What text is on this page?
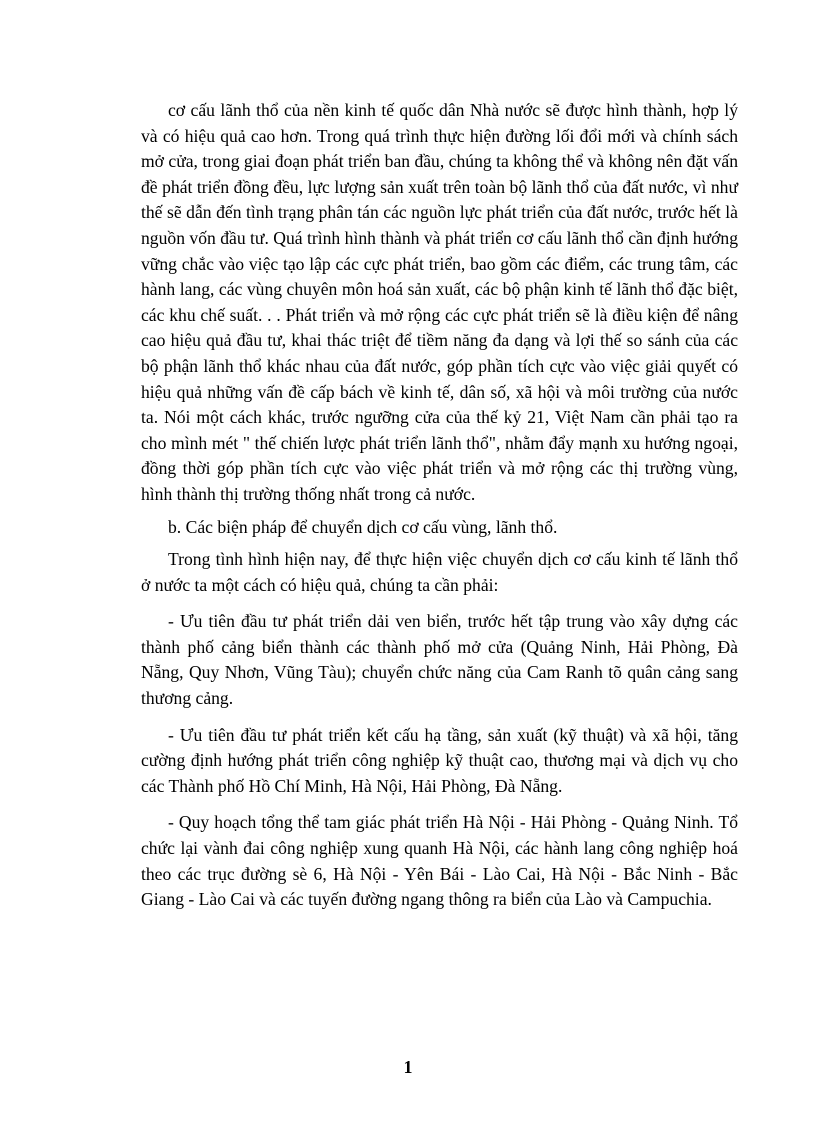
cơ cấu lãnh thổ của nền kinh tế quốc dân Nhà nước sẽ được hình thành, hợp lý và có hiệu quả cao hơn. Trong quá trình thực hiện đường lối đổi mới và chính sách mở cửa, trong giai đoạn phát triển ban đầu, chúng ta không thể và không nên đặt vấn đề phát triển đồng đều, lực lượng sản xuất trên toàn bộ lãnh thổ của đất nước, vì như thế sẽ dẫn đến tình trạng phân tán các nguồn lực phát triển của đất nước, trước hết là nguồn vốn đầu tư. Quá trình hình thành và phát triển cơ cấu lãnh thổ cần định hướng vững chắc vào việc tạo lập các cực phát triển, bao gồm các điểm, các trung tâm, các hành lang, các vùng chuyên môn hoá sản xuất, các bộ phận kinh tế lãnh thổ đặc biệt, các khu chế suất. . . Phát triển và mở rộng các cực phát triển sẽ là điều kiện để nâng cao hiệu quả đầu tư, khai thác triệt để tiềm năng đa dạng và lợi thế so sánh của các bộ phận lãnh thổ khác nhau của đất nước, góp phần tích cực vào việc giải quyết có hiệu quả những vấn đề cấp bách về kinh tế, dân số, xã hội và môi trường của nước ta. Nói một cách khác, trước ngưỡng cửa của thế kỷ 21, Việt Nam cần phải tạo ra cho mình mét " thế chiến lược phát triển lãnh thổ", nhằm đẩy mạnh xu hướng ngoại, đồng thời góp phần tích cực vào việc phát triển và mở rộng các thị trường vùng, hình thành thị trường thống nhất trong cả nước.

b. Các biện pháp để chuyển dịch cơ cấu vùng, lãnh thổ.

Trong tình hình hiện nay, để thực hiện việc chuyển dịch cơ cấu kinh tế lãnh thổ ở nước ta một cách có hiệu quả, chúng ta cần phải:

- Ưu tiên đầu tư phát triển dải ven biển, trước hết tập trung vào xây dựng các thành phố cảng biển thành các thành phố mở cửa (Quảng Ninh, Hải Phòng, Đà Nẵng, Quy Nhơn, Vũng Tàu); chuyển chức năng của Cam Ranh tõ quân cảng sang thương cảng.

- Ưu tiên đầu tư phát triển kết cấu hạ tầng, sản xuất (kỹ thuật) và xã hội, tăng cường định hướng phát triển công nghiệp kỹ thuật cao, thương mại và dịch vụ cho các Thành phố Hồ Chí Minh, Hà Nội, Hải Phòng, Đà Nẵng.

- Quy hoạch tổng thể tam giác phát triển Hà Nội - Hải Phòng - Quảng Ninh. Tổ chức lại vành đai công nghiệp xung quanh Hà Nội, các hành lang công nghiệp hoá theo các trục đường sè 6, Hà Nội - Yên Bái - Lào Cai, Hà Nội - Bắc Ninh - Bắc Giang - Lào Cai và các tuyến đường ngang thông ra biển của Lào và Campuchia.

1
